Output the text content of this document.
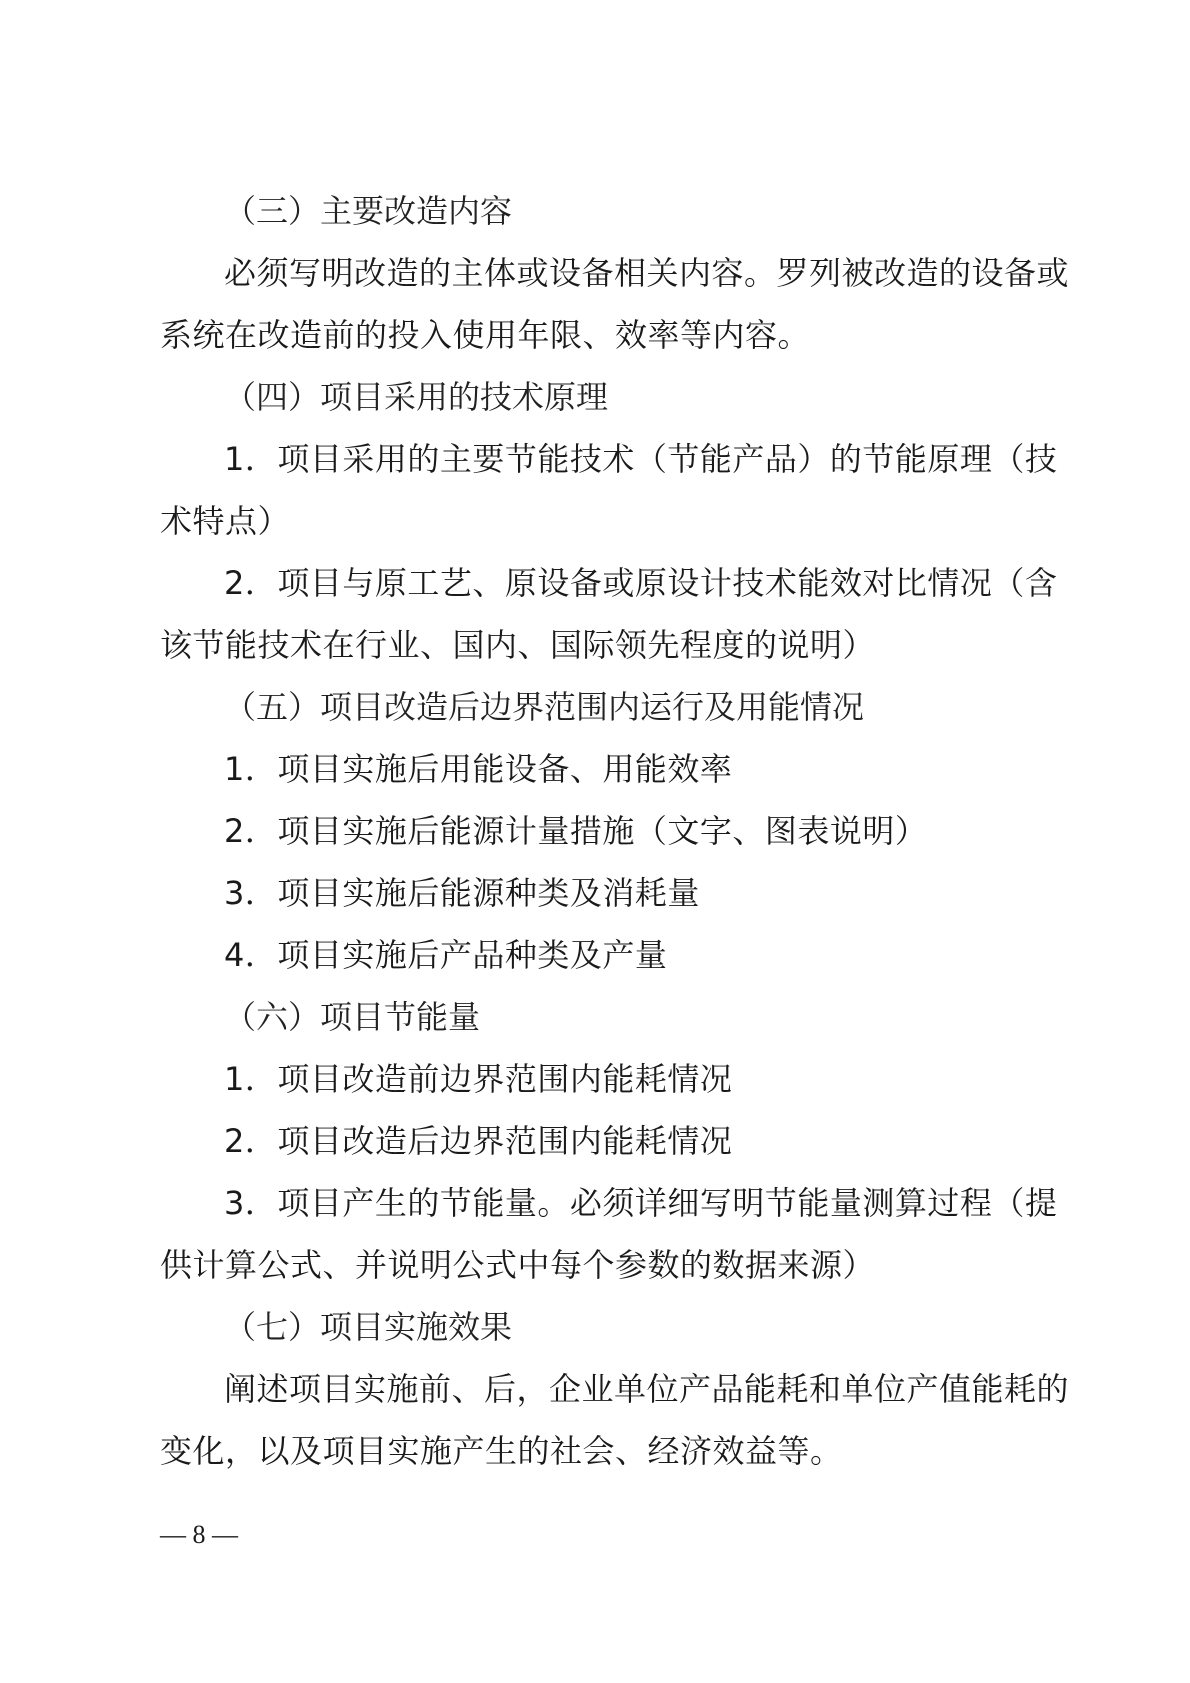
（三）主要改造内容

必须写明改造的主体或设备相关内容。罗列被改造的设备或

系统在改造前的投入使用年限、效率等内容。

（四）项目采用的技术原理

1．项目采用的主要节能技术（节能产品）的节能原理（技

术特点）

2．项目与原工艺、原设备或原设计技术能效对比情况（含

该节能技术在行业、国内、国际领先程度的说明）

（五）项目改造后边界范围内运行及用能情况

1．项目实施后用能设备、用能效率

2．项目实施后能源计量措施（文字、图表说明）

3．项目实施后能源种类及消耗量

4．项目实施后产品种类及产量

（六）项目节能量

1．项目改造前边界范围内能耗情况

2．项目改造后边界范围内能耗情况

3．项目产生的节能量。必须详细写明节能量测算过程（提

供计算公式、并说明公式中每个参数的数据来源）

（七）项目实施效果

阐述项目实施前、后，企业单位产品能耗和单位产值能耗的

变化，以及项目实施产生的社会、经济效益等。

— 8 —
